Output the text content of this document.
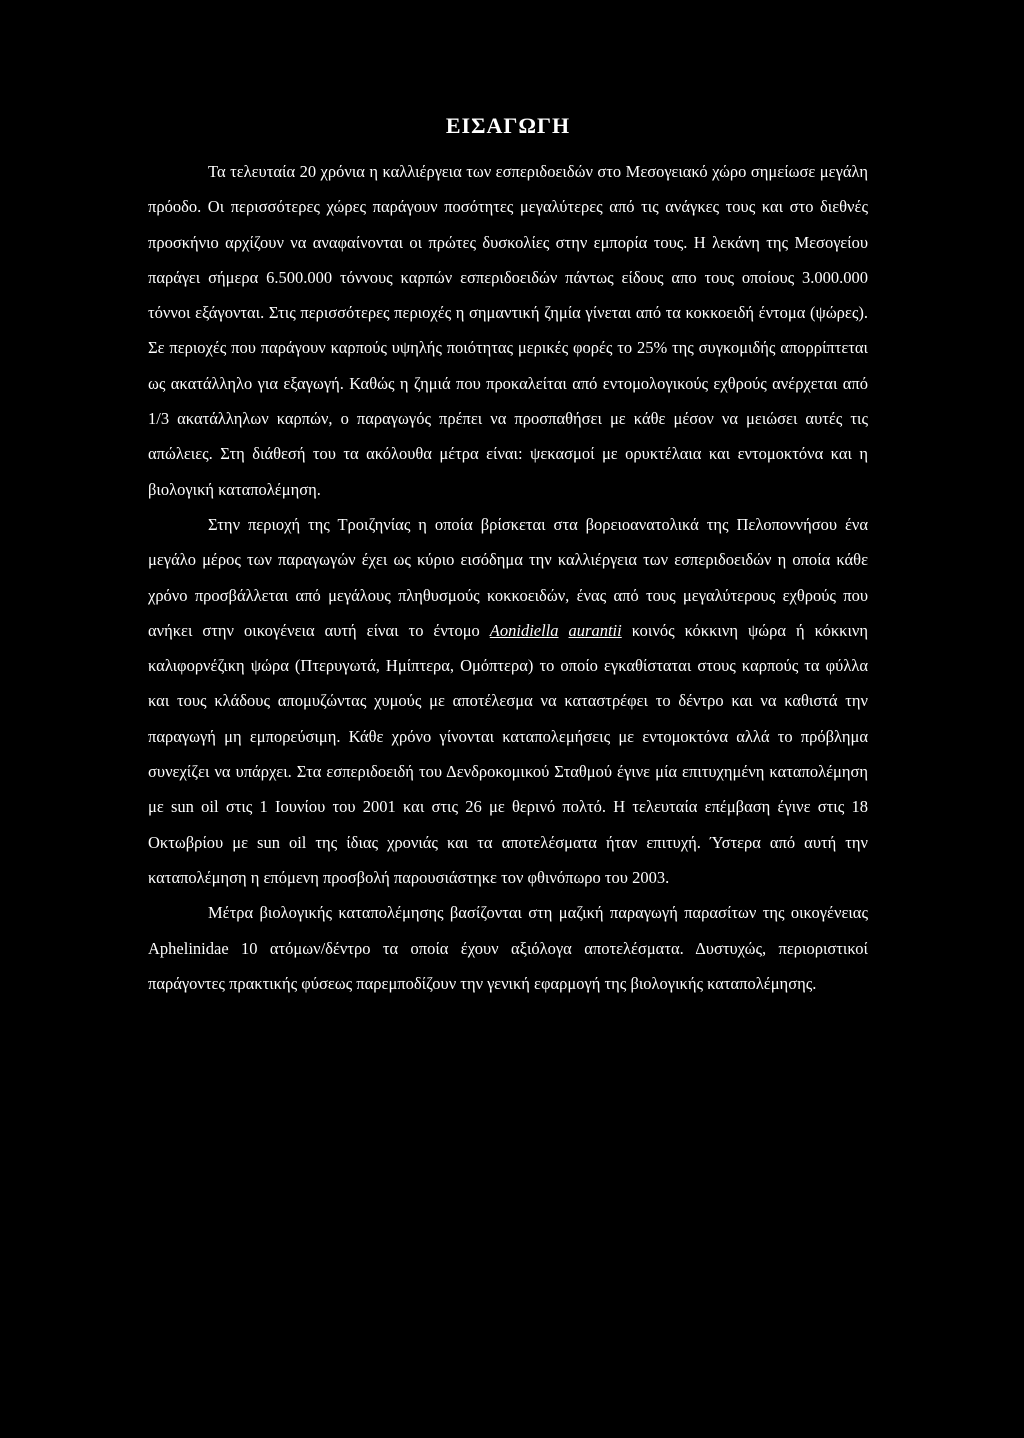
ΕΙΣΑΓΩΓΗ

Τα τελευταία 20 χρόνια η καλλιέργεια των εσπεριδοειδών στο Μεσογειακό χώρο σημείωσε μεγάλη πρόοδο. Οι περισσότερες χώρες παράγουν ποσότητες μεγαλύτερες από τις ανάγκες τους και στο διεθνές προσκήνιο αρχίζουν να αναφαίνονται οι πρώτες δυσκολίες στην εμπορία τους. Η λεκάνη της Μεσογείου παράγει σήμερα 6.500.000 τόννους καρπών εσπεριδοειδών πάντως είδους απο τους οποίους 3.000.000 τόννοι εξάγονται. Στις περισσότερες περιοχές η σημαντική ζημία γίνεται από τα κοκκοειδή έντομα (ψώρες). Σε περιοχές που παράγουν καρπούς υψηλής ποιότητας μερικές φορές το 25% της συγκομιδής απορρίπτεται ως ακατάλληλο για εξαγωγή. Καθώς η ζημιά που προκαλείται από εντομολογικούς εχθρούς ανέρχεται από 1/3 ακατάλληλων καρπών, ο παραγωγός πρέπει να προσπαθήσει με κάθε μέσον να μειώσει αυτές τις απώλειες. Στη διάθεσή του τα ακόλουθα μέτρα είναι: ψεκασμοί με ορυκτέλαια και εντομοκτόνα και η βιολογική καταπολέμηση.

Στην περιοχή της Τροιζηνίας η οποία βρίσκεται στα βορειοανατολικά της Πελοποννήσου ένα μεγάλο μέρος των παραγωγών έχει ως κύριο εισόδημα την καλλιέργεια των εσπεριδοειδών η οποία κάθε χρόνο προσβάλλεται από μεγάλους πληθυσμούς κοκκοειδών, ένας από τους μεγαλύτερους εχθρούς που ανήκει στην οικογένεια αυτή είναι το έντομο Aonidiella aurantii κοινός κόκκινη ψώρα ή κόκκινη καλιφορνέζικη ψώρα (Πτερυγωτά, Ημίπτερα, Ομόπτερα) το οποίο εγκαθίσταται στους καρπούς τα φύλλα και τους κλάδους απομυζώντας χυμούς με αποτέλεσμα να καταστρέφει το δέντρο και να καθιστά την παραγωγή μη εμπορεύσιμη. Κάθε χρόνο γίνονται καταπολεμήσεις με εντομοκτόνα αλλά το πρόβλημα συνεχίζει να υπάρχει. Στα εσπεριδοειδή του Δενδροκομικού Σταθμού έγινε μία επιτυχημένη καταπολέμηση με sun oil στις 1 Ιουνίου του 2001 και στις 26 με θερινό πολτό. Η τελευταία επέμβαση έγινε στις 18 Οκτωβρίου με sun oil της ίδιας χρονιάς και τα αποτελέσματα ήταν επιτυχή. Ύστερα από αυτή την καταπολέμηση η επόμενη προσβολή παρουσιάστηκε τον φθινόπωρο του 2003.

Μέτρα βιολογικής καταπολέμησης βασίζονται στη μαζική παραγωγή παρασίτων της οικογένειας Aphelinidae 10 ατόμων/δέντρο τα οποία έχουν αξιόλογα αποτελέσματα. Δυστυχώς, περιοριστικοί παράγοντες πρακτικής φύσεως παρεμποδίζουν την γενική εφαρμογή της βιολογικής καταπολέμησης.
